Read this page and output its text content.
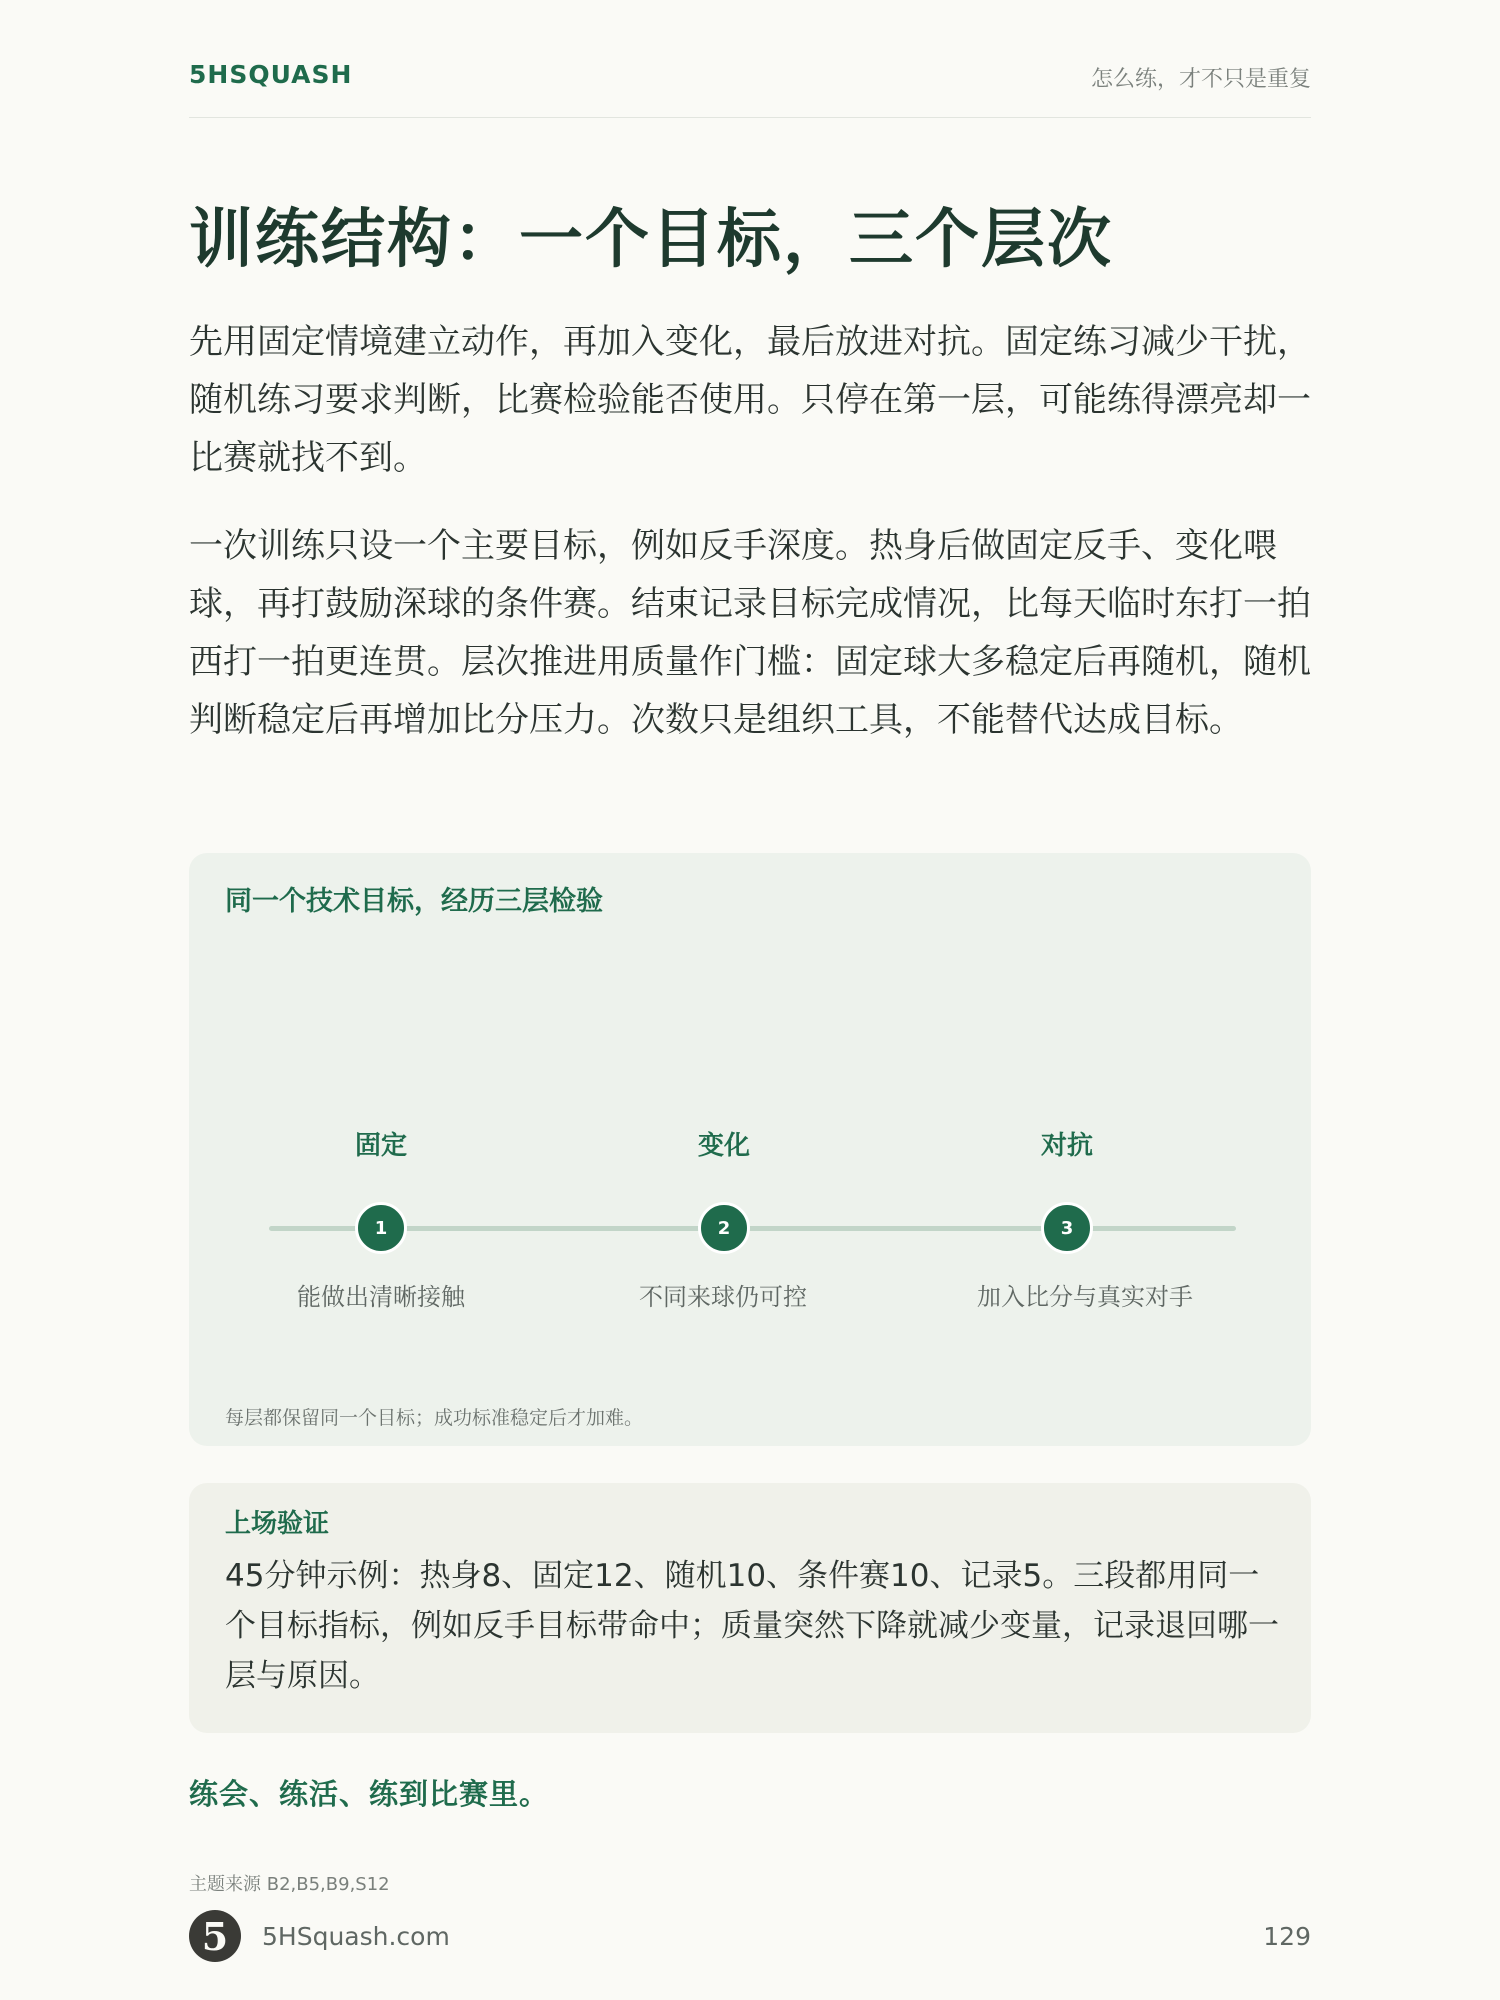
5HSQUASH	怎么练，才不只是重复
训练结构：一个目标，三个层次

先用固定情境建立动作，再加入变化，最后放进对抗。固定练习减少干扰，随机练习要求判断，比赛检验能否使用。只停在第一层，可能练得漂亮却一比赛就找不到。

一次训练只设一个主要目标，例如反手深度。热身后做固定反手、变化喂球，再打鼓励深球的条件赛。结束记录目标完成情况，比每天临时东打一拍西打一拍更连贯。层次推进用质量作门槛：固定球大多稳定后再随机，随机判断稳定后再增加比分压力。次数只是组织工具，不能替代达成目标。

同一个技术目标，经历三层检验
固定
1
能做出清晰接触
变化
2
不同来球仍可控
对抗
3
加入比分与真实对手
每层都保留同一个目标；成功标准稳定后才加难。
上场验证
45分钟示例：热身8、固定12、随机10、条件赛10、记录5。三段都用同一个目标指标，例如反手目标带命中；质量突然下降就减少变量，记录退回哪一层与原因。
练会、练活、练到比赛里。
主题来源 B2,B5,B9,S12
5 5HSquash.com	129
